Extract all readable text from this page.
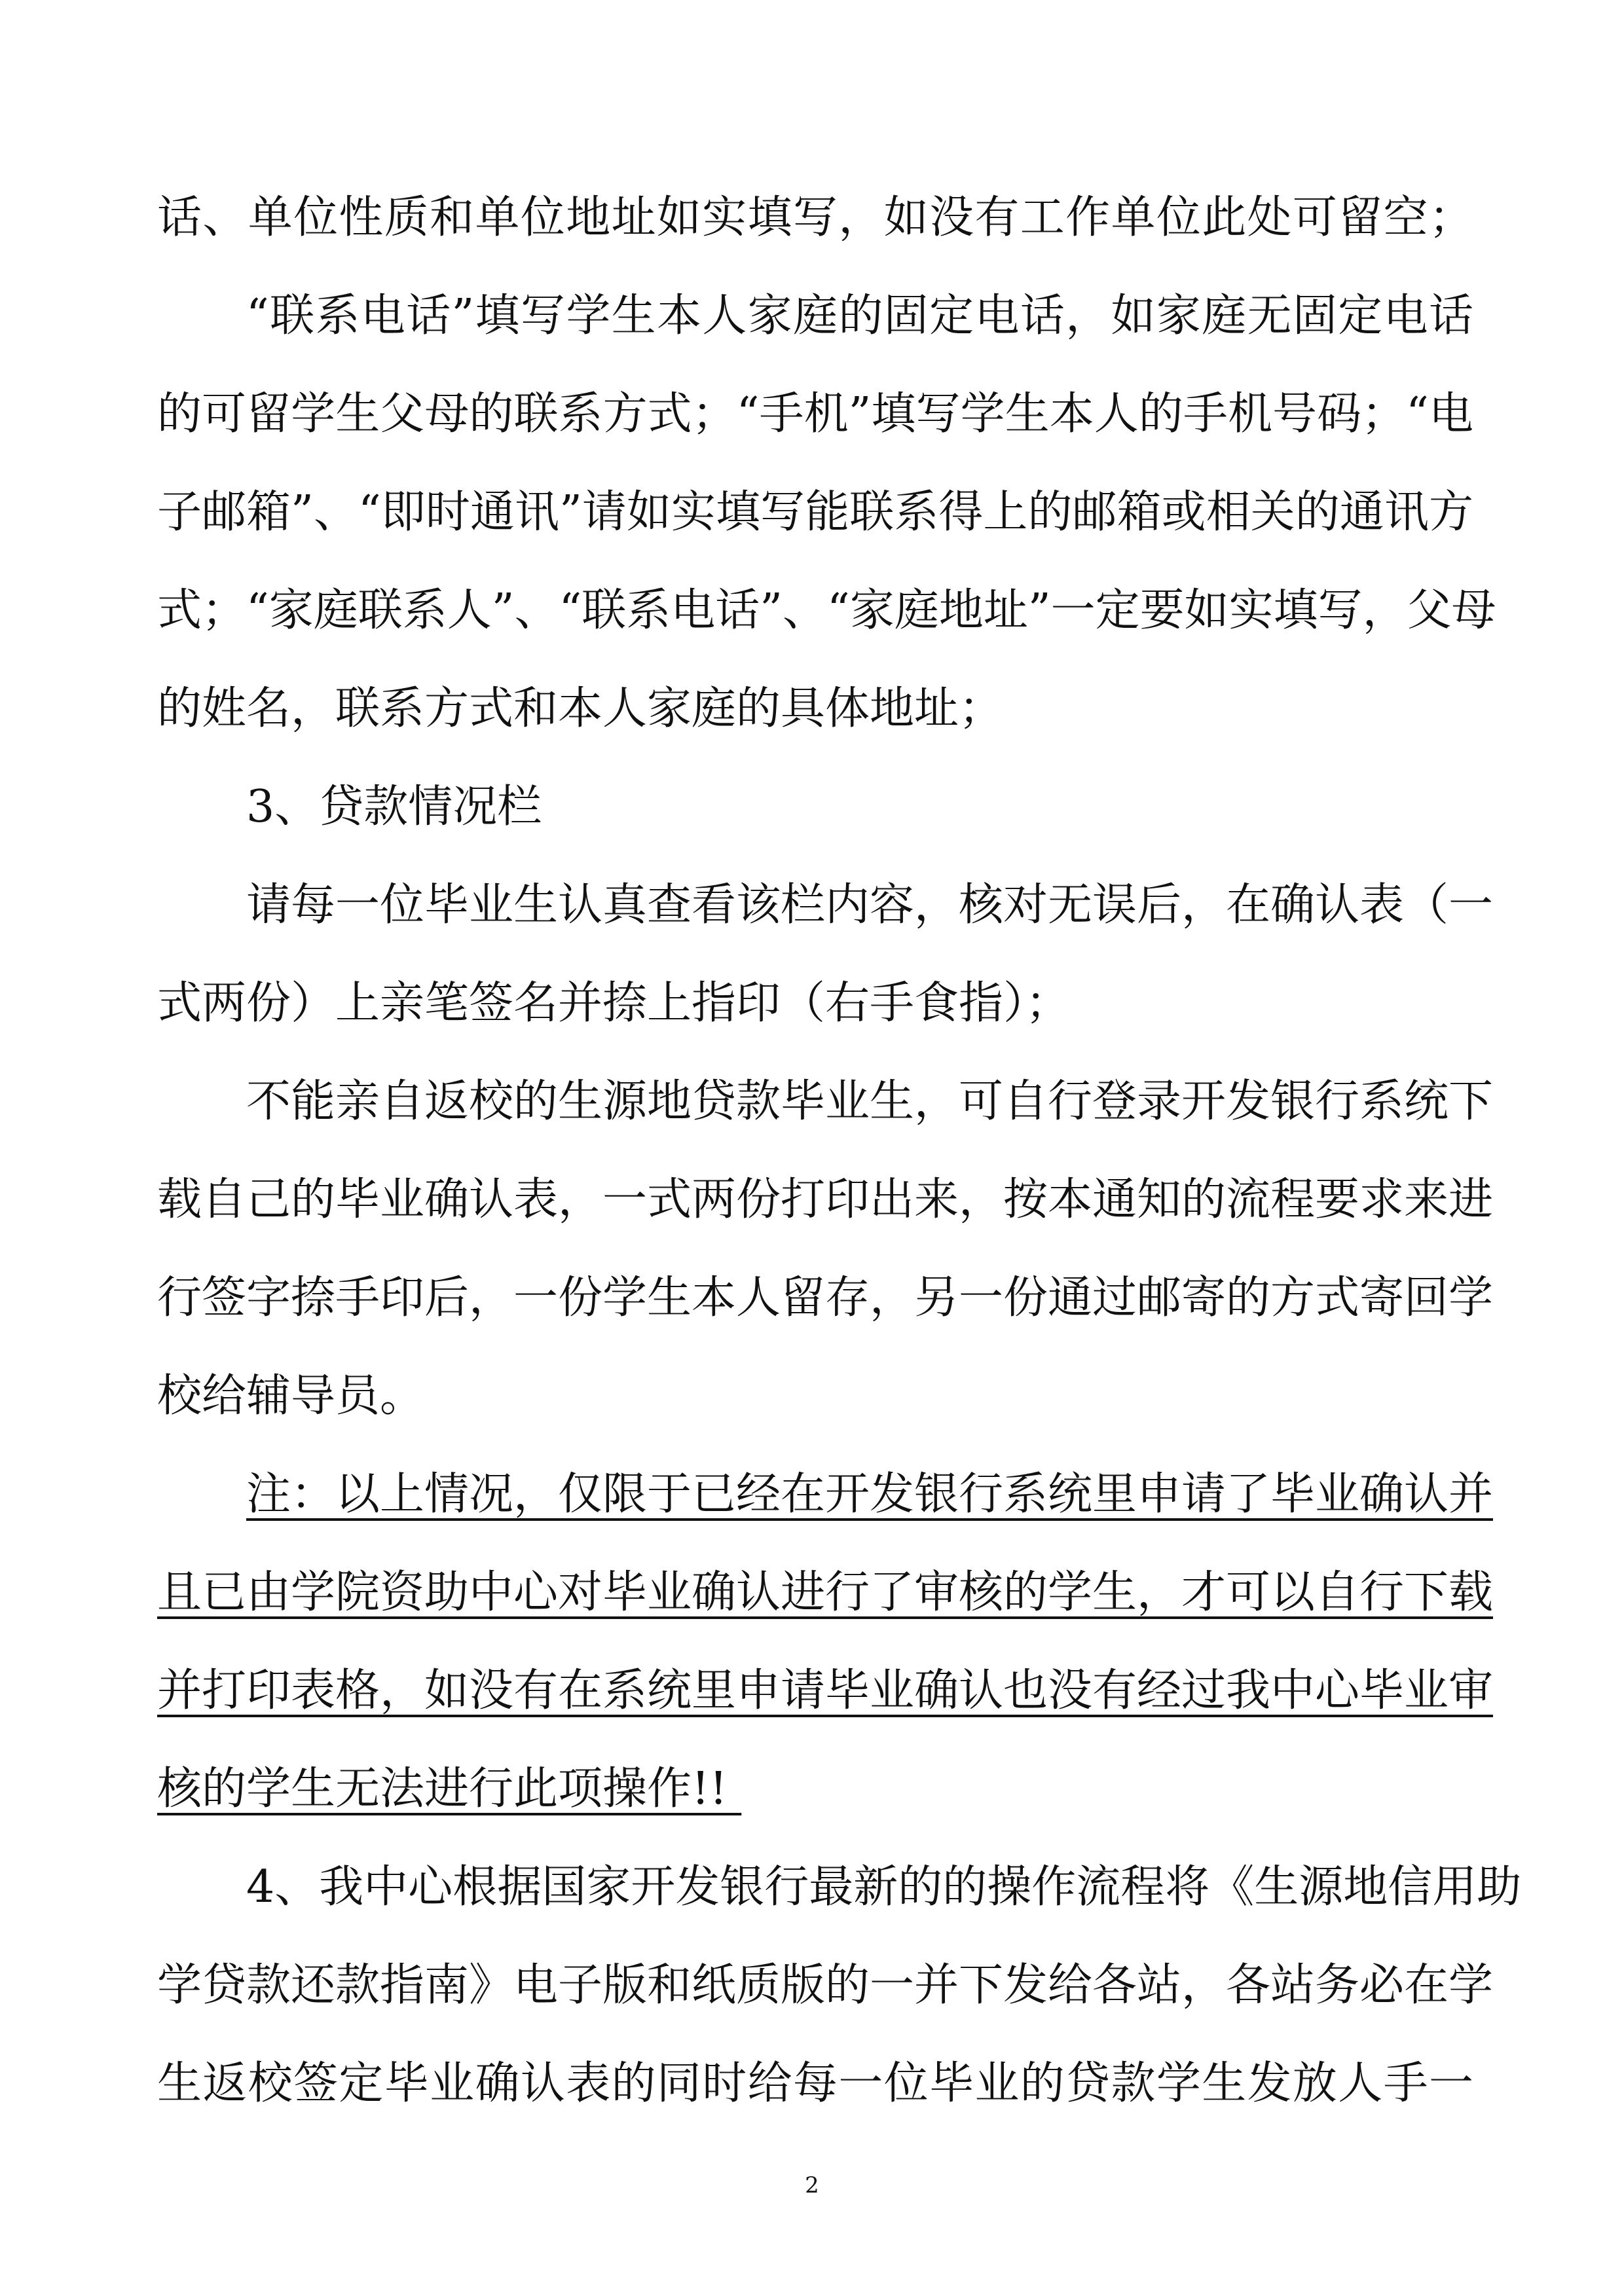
话、单位性质和单位地址如实填写，如没有工作单位此处可留空；
“联系电话”填写学生本人家庭的固定电话，如家庭无固定电话
的可留学生父母的联系方式；“手机”填写学生本人的手机号码；“电
子邮箱”、“即时通讯”请如实填写能联系得上的邮箱或相关的通讯方
式；“家庭联系人”、“联系电话”、“家庭地址”一定要如实填写，父母
的姓名，联系方式和本人家庭的具体地址；
3、贷款情况栏
请每一位毕业生认真查看该栏内容，核对无误后，在确认表（一
式两份）上亲笔签名并捺上指印（右手食指）；
不能亲自返校的生源地贷款毕业生，可自行登录开发银行系统下
载自己的毕业确认表，一式两份打印出来，按本通知的流程要求来进
行签字捺手印后，一份学生本人留存，另一份通过邮寄的方式寄回学
校给辅导员。
注：以上情况，仅限于已经在开发银行系统里申请了毕业确认并
且已由学院资助中心对毕业确认进行了审核的学生，才可以自行下载
并打印表格，如没有在系统里申请毕业确认也没有经过我中心毕业审
核的学生无法进行此项操作!!
4、我中心根据国家开发银行最新的的操作流程将《生源地信用助
学贷款还款指南》电子版和纸质版的一并下发给各站，各站务必在学
生返校签定毕业确认表的同时给每一位毕业的贷款学生发放人手一
2
